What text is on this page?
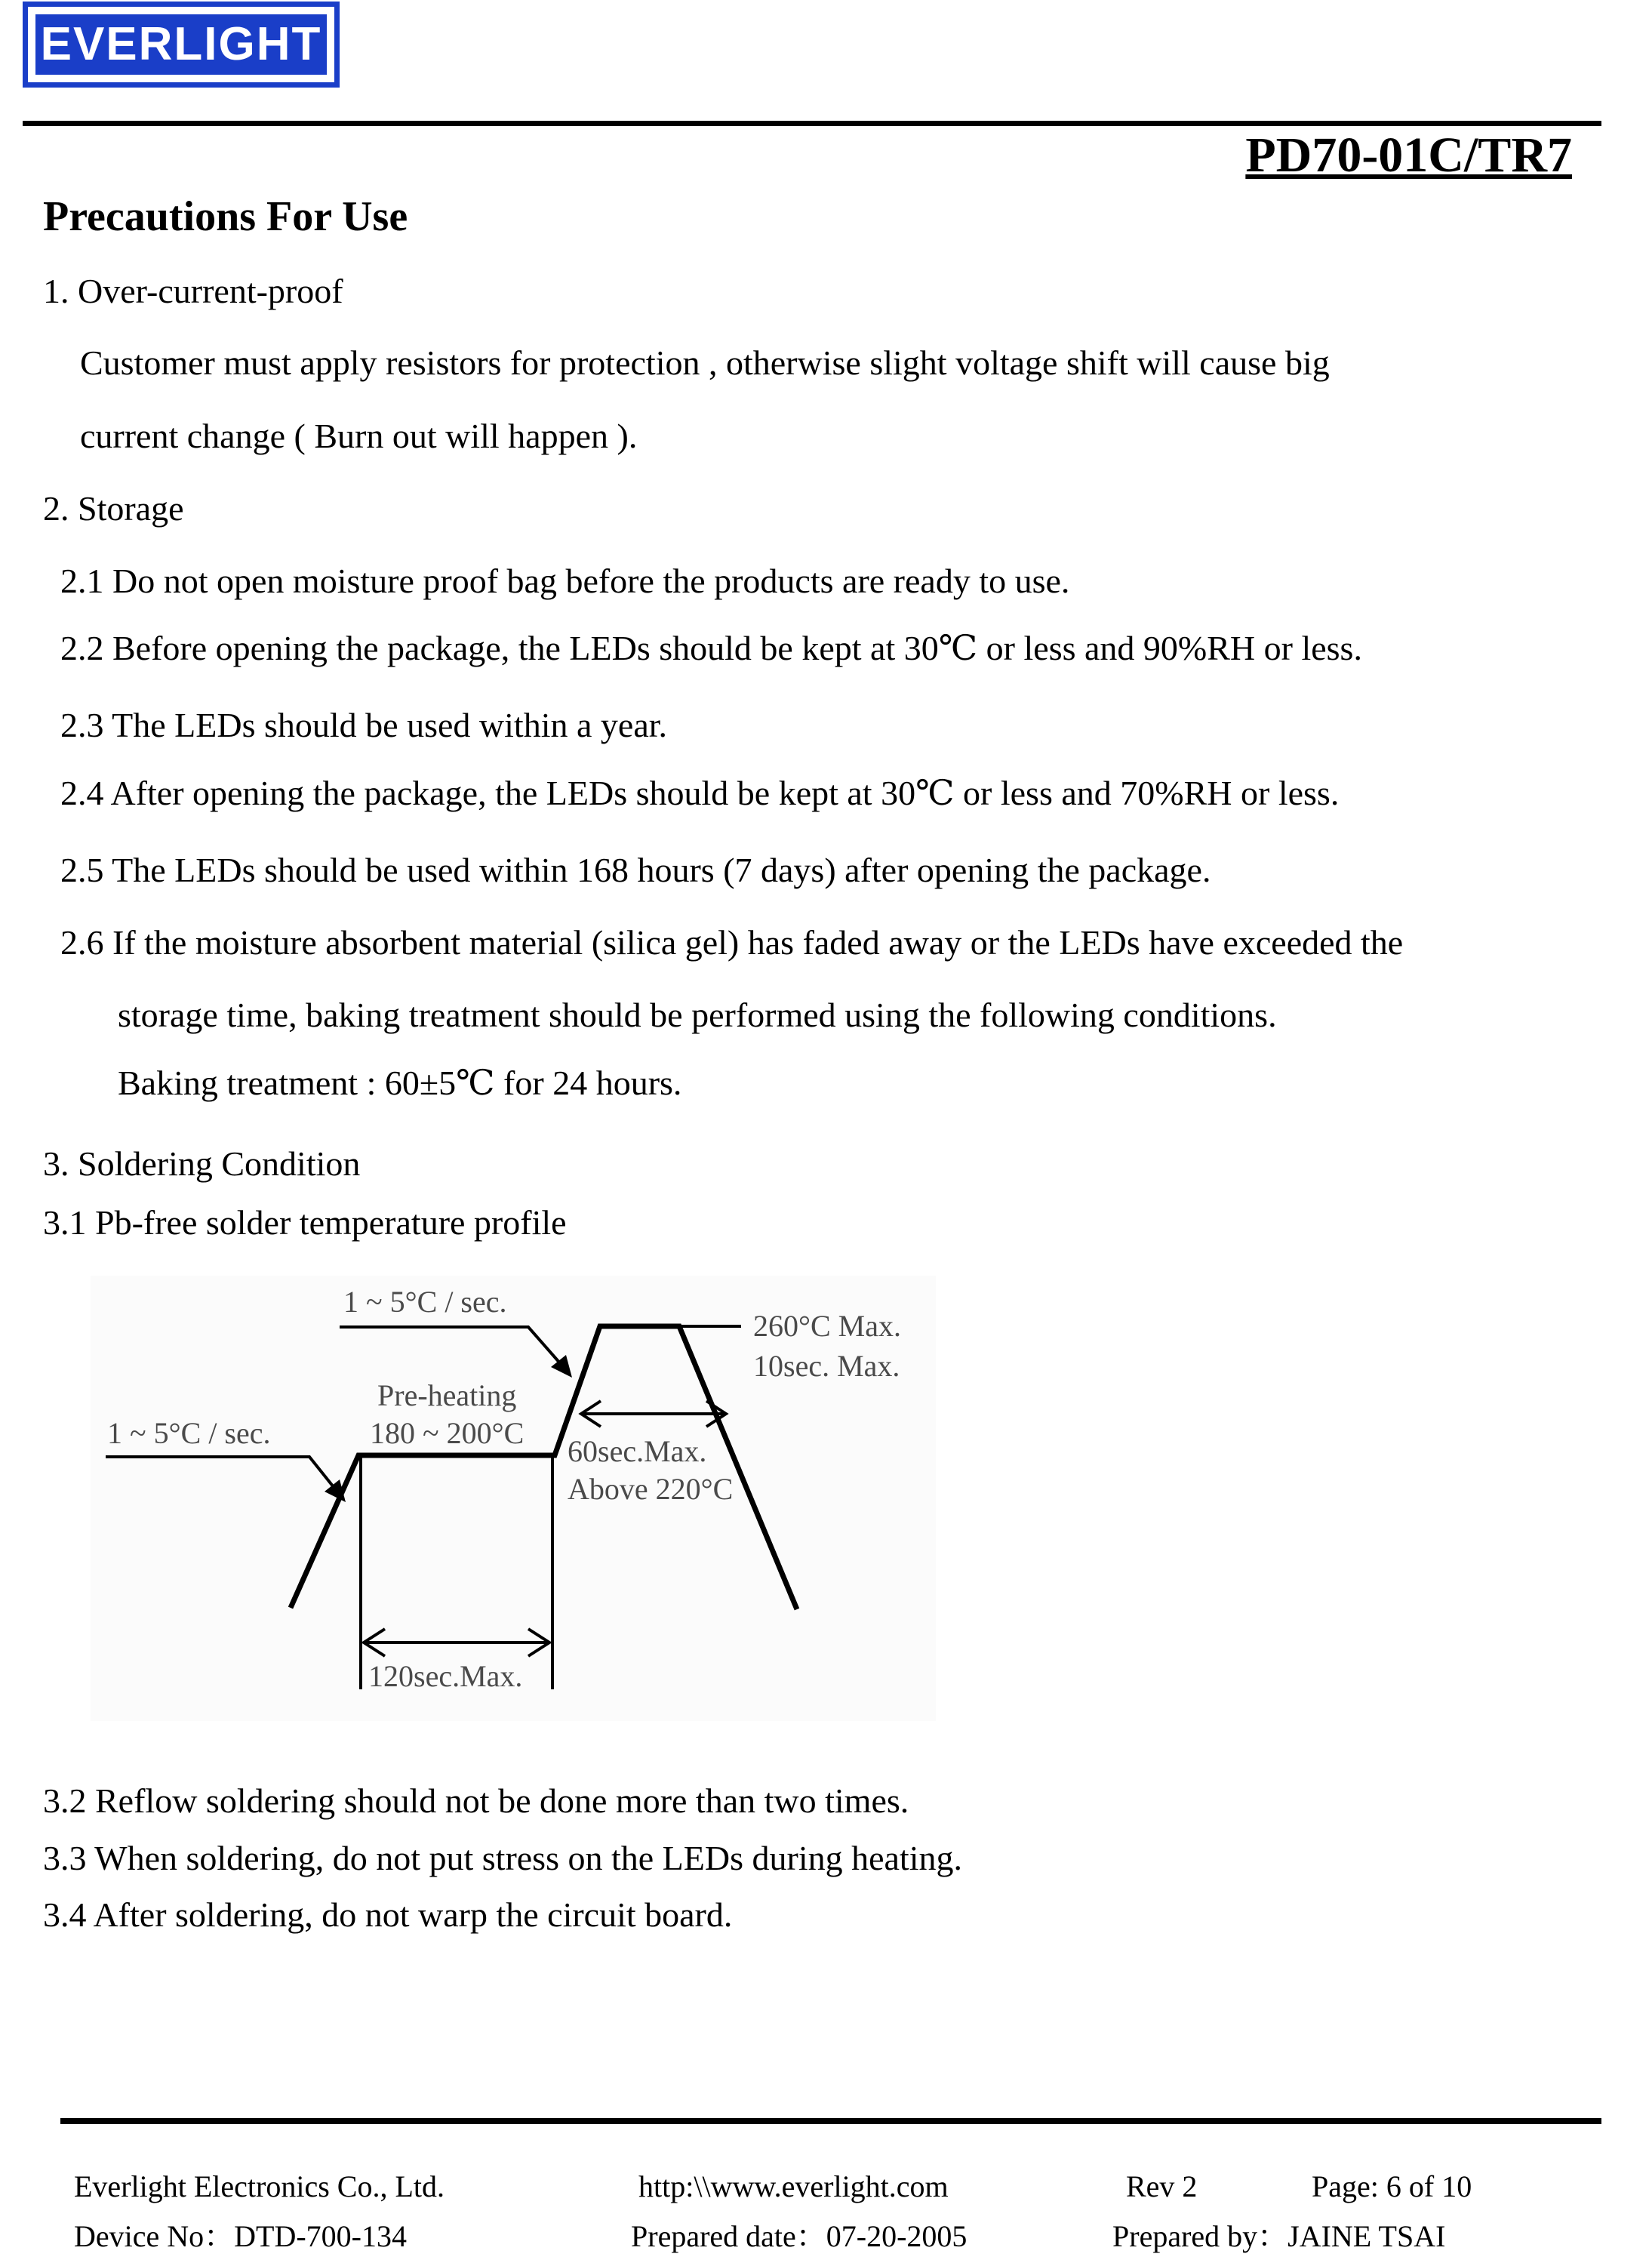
EVERLIGHT
PD70-01C/TR7
Precautions For Use
1. Over-current-proof
Customer must apply resistors for protection , otherwise slight voltage shift will cause big
current change ( Burn out will happen ).
2. Storage
2.1 Do not open moisture proof bag before the products are ready to use.
2.2 Before opening the package, the LEDs should be kept at 30℃ or less and 90%RH or less.
2.3 The LEDs should be used within a year.
2.4 After opening the package, the LEDs should be kept at 30℃ or less and 70%RH or less.
2.5 The LEDs should be used within 168 hours (7 days) after opening the package.
2.6 If the moisture absorbent material (silica gel) has faded away or the LEDs have exceeded the
storage time, baking treatment should be performed using the following conditions.
Baking treatment : 60±5℃ for 24 hours.
3. Soldering Condition
3.1 Pb-free solder temperature profile
1 ~ 5°C / sec.
1 ~ 5°C / sec.
Pre-heating
180 ~ 200°C
260°C Max.
10sec. Max.
60sec.Max.
Above 220°C
120sec.Max.
3.2 Reflow soldering should not be done more than two times.
3.3 When soldering, do not put stress on the LEDs during heating.
3.4 After soldering, do not warp the circuit board.
Everlight Electronics Co., Ltd.	http:\\www.everlight.com	Rev 2	Page: 6 of 10
Device No：DTD-700-134	Prepared date：07-20-2005	Prepared by：JAINE TSAI
